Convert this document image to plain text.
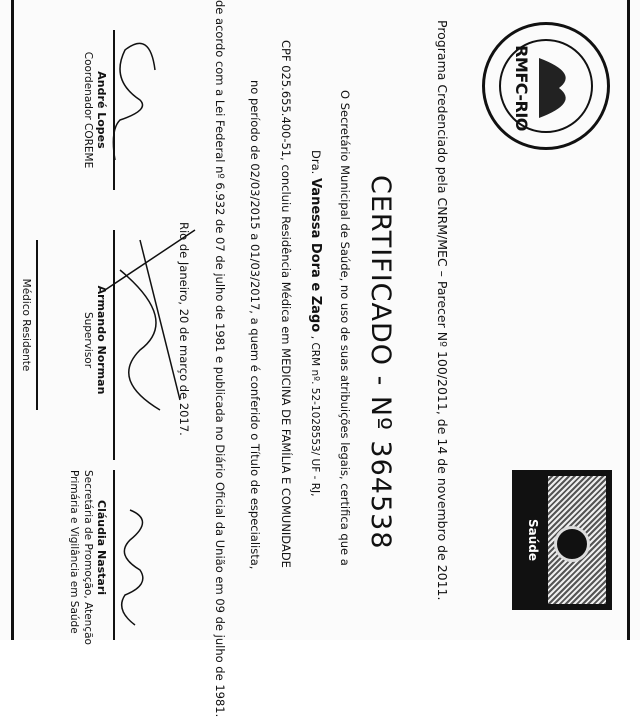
RMFC-RIO
Saúde
Programa Credenciado pela CNRM/MEC – Parecer Nº 100/2011, de 14 de novembro de 2011.
CERTIFICADO - Nº 364538
O Secretário Municipal de Saúde, no uso de suas atribuições legais, certifica que a
Dra. Vanessa Dora e Zago , CRM nº. 52-1028553/ UF - RJ,
CPF 025.655.400-51, concluiu Residência Médica em MEDICINA DE FAMÍLIA E COMUNIDADE
no período de 02/03/2015 a 01/03/2017, a quem é conferido o Título de especialista,
de acordo com a Lei Federal nº 6.932 de 07 de julho de 1981 e publicada no Diário Oficial da União em 09 de julho de 1981.
Rio de Janeiro, 20 de março de 2017.
André Lopes
Coordenador COREME
Armando Norman
Supervisor
Cláudia Nastari
Secretária de Promoção, Atenção
Primária e Vigilância em Saúde
Médico Residente
